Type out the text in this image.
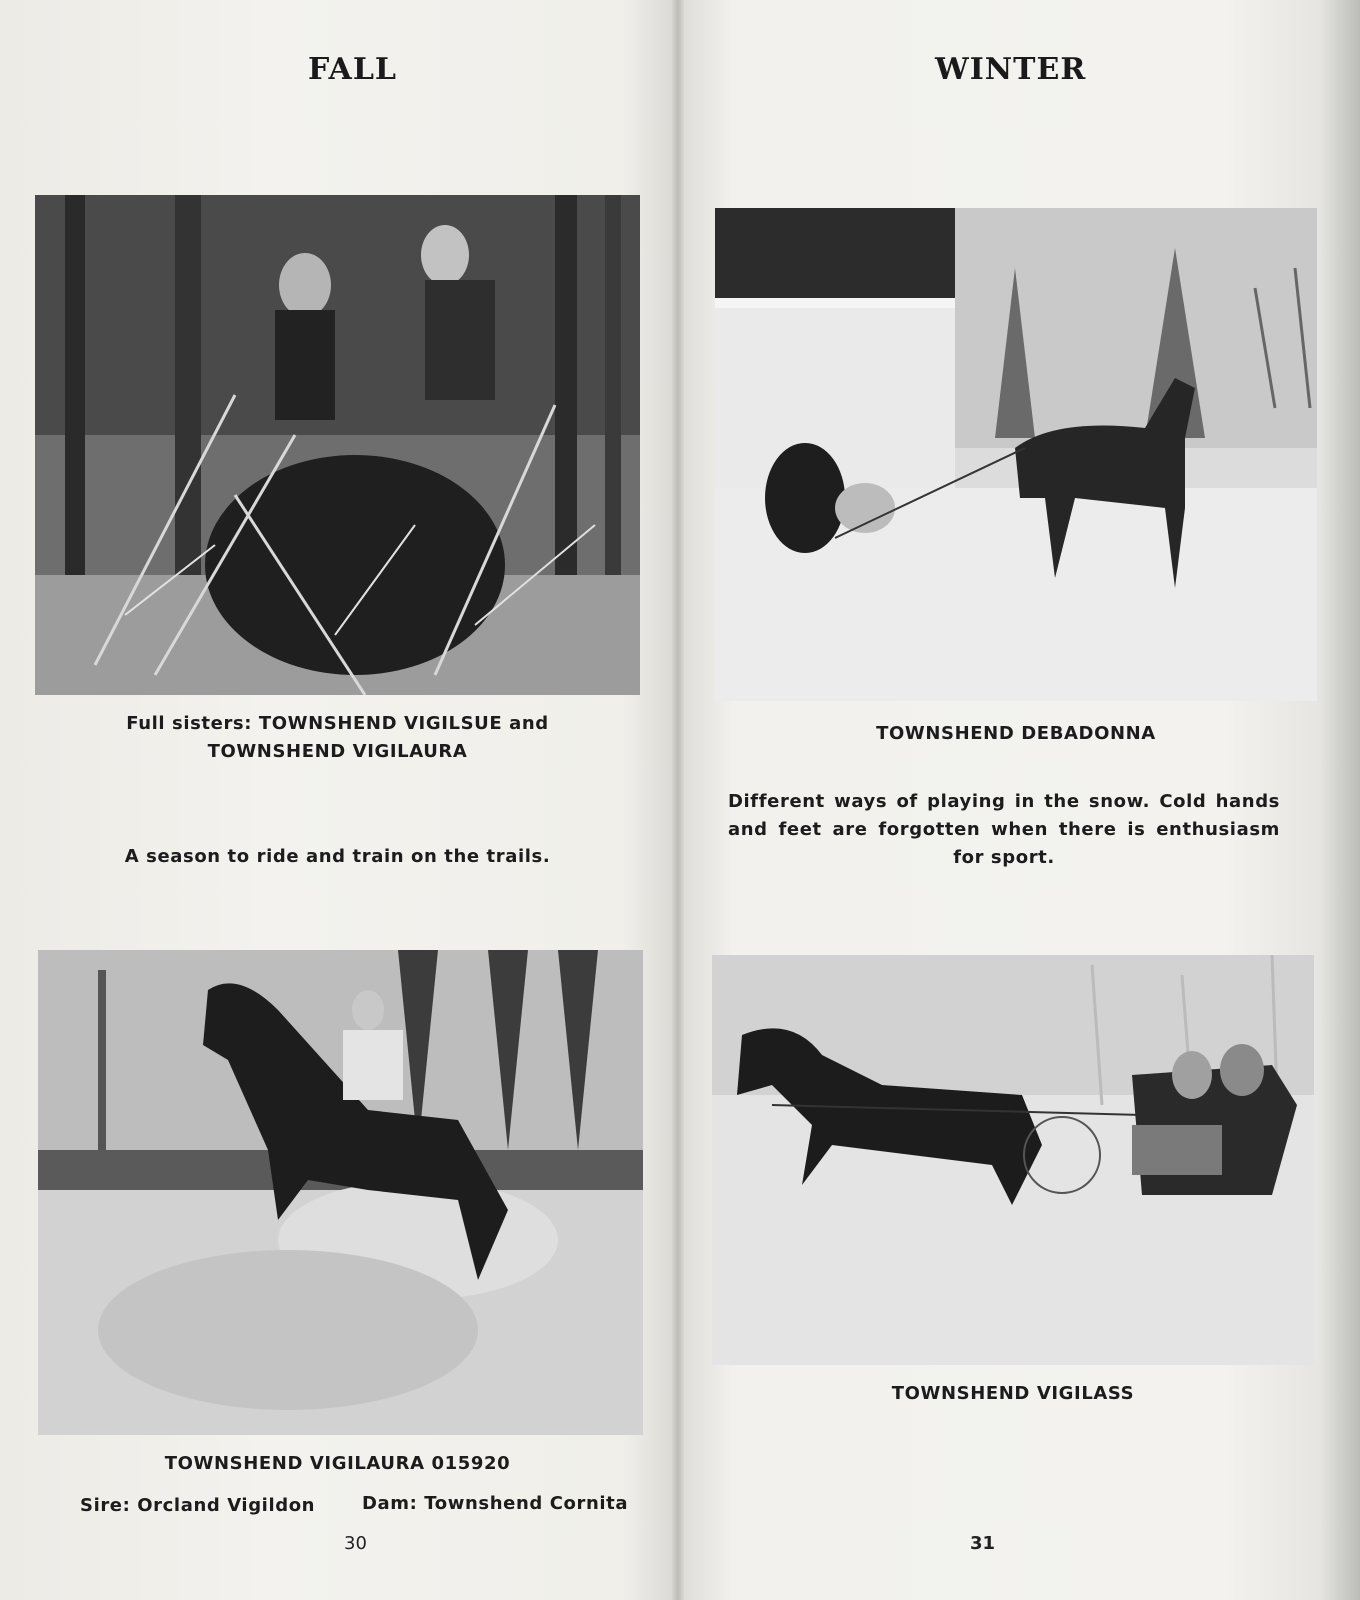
FALL
Full sisters: TOWNSHEND VIGILSUE and
TOWNSHEND VIGILAURA
A season to ride and train on the trails.
TOWNSHEND VIGILAURA 015920
Sire: Orcland Vigildon	Dam: Townshend Cornita
30
WINTER
TOWNSHEND DEBADONNA
Different ways of playing in the snow. Cold hands and feet are forgotten when there is enthusiasm for sport.
TOWNSHEND VIGILASS
31
